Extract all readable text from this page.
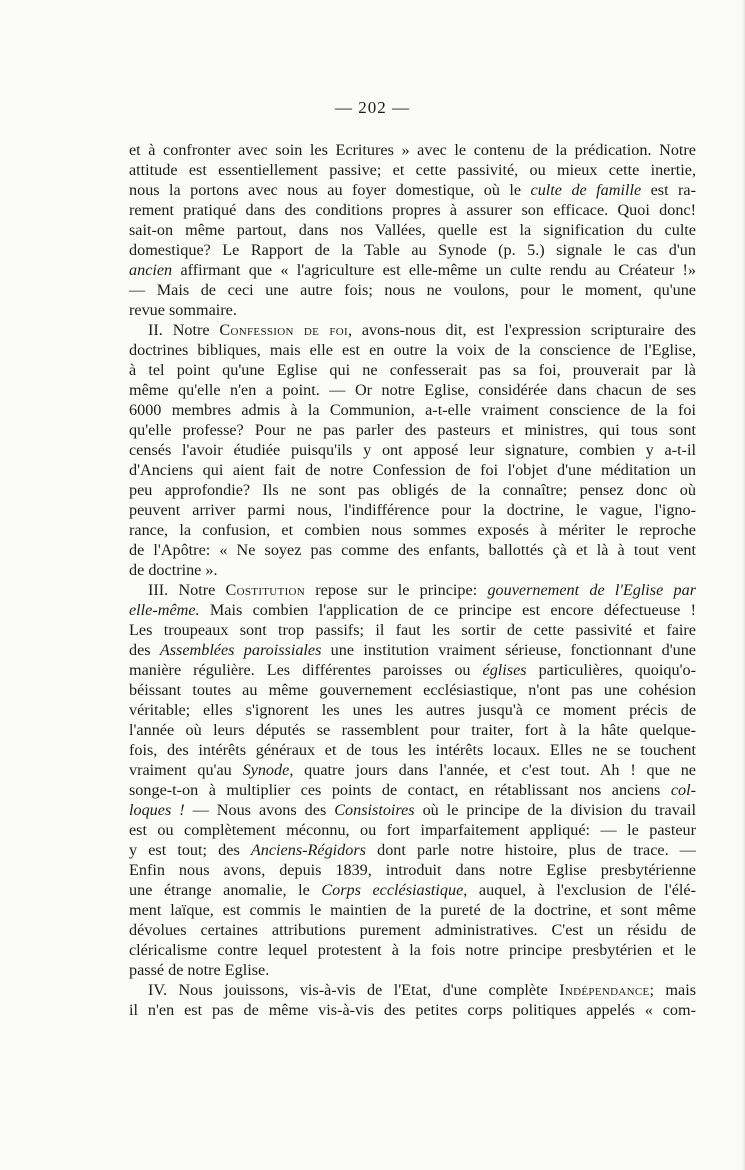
— 202 —
et à confronter avec soin les Ecritures » avec le contenu de la prédication. Notre
attitude est essentiellement passive; et cette passivité, ou mieux cette inertie,
nous la portons avec nous au foyer domestique, où le culte de famille est ra-
rement pratiqué dans des conditions propres à assurer son efficace. Quoi donc!
sait-on même partout, dans nos Vallées, quelle est la signification du culte
domestique? Le Rapport de la Table au Synode (p. 5.) signale le cas d'un
ancien affirmant que « l'agriculture est elle-même un culte rendu au Créateur !»
— Mais de ceci une autre fois; nous ne voulons, pour le moment, qu'une
revue sommaire.
II. Notre Confession de foi, avons-nous dit, est l'expression scripturaire des
doctrines bibliques, mais elle est en outre la voix de la conscience de l'Eglise,
à tel point qu'une Eglise qui ne confesserait pas sa foi, prouverait par là
même qu'elle n'en a point. — Or notre Eglise, considérée dans chacun de ses
6000 membres admis à la Communion, a-t-elle vraiment conscience de la foi
qu'elle professe? Pour ne pas parler des pasteurs et ministres, qui tous sont
censés l'avoir étudiée puisqu'ils y ont apposé leur signature, combien y a-t-il
d'Anciens qui aient fait de notre Confession de foi l'objet d'une méditation un
peu approfondie? Ils ne sont pas obligés de la connaître; pensez donc où
peuvent arriver parmi nous, l'indifférence pour la doctrine, le vague, l'igno-
rance, la confusion, et combien nous sommes exposés à mériter le reproche
de l'Apôtre: « Ne soyez pas comme des enfants, ballottés çà et là à tout vent
de doctrine ».
III. Notre Costitution repose sur le principe: gouvernement de l'Eglise par
elle-même. Mais combien l'application de ce principe est encore défectueuse !
Les troupeaux sont trop passifs; il faut les sortir de cette passivité et faire
des Assemblées paroissiales une institution vraiment sérieuse, fonctionnant d'une
manière régulière. Les différentes paroisses ou églises particulières, quoiqu'o-
béissant toutes au même gouvernement ecclésiastique, n'ont pas une cohésion
véritable; elles s'ignorent les unes les autres jusqu'à ce moment précis de
l'année où leurs députés se rassemblent pour traiter, fort à la hâte quelque-
fois, des intérêts généraux et de tous les intérêts locaux. Elles ne se touchent
vraiment qu'au Synode, quatre jours dans l'année, et c'est tout. Ah ! que ne
songe-t-on à multiplier ces points de contact, en rétablissant nos anciens col-
loques ! — Nous avons des Consistoires où le principe de la division du travail
est ou complètement méconnu, ou fort imparfaitement appliqué: — le pasteur
y est tout; des Anciens-Régidors dont parle notre histoire, plus de trace. —
Enfin nous avons, depuis 1839, introduit dans notre Eglise presbytérienne
une étrange anomalie, le Corps ecclésiastique, auquel, à l'exclusion de l'élé-
ment laïque, est commis le maintien de la pureté de la doctrine, et sont même
dévolues certaines attributions purement administratives. C'est un résidu de
cléricalisme contre lequel protestent à la fois notre principe presbytérien et le
passé de notre Eglise.
IV. Nous jouissons, vis-à-vis de l'Etat, d'une complète Indépendance; mais
il n'en est pas de même vis-à-vis des petites corps politiques appelés « com-
